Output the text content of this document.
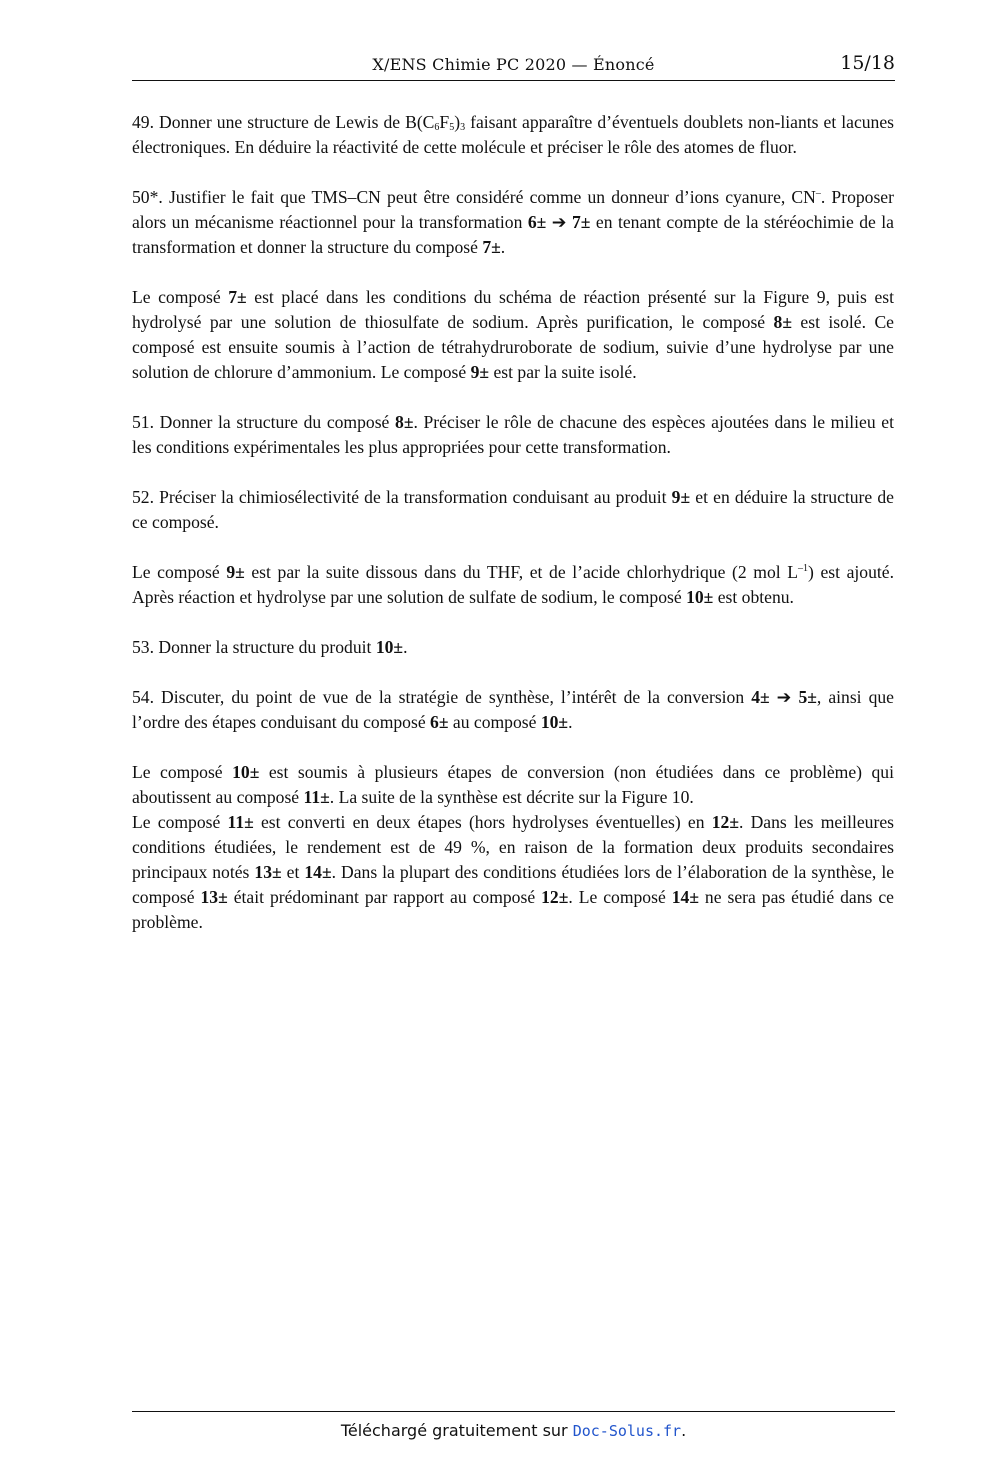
X/ENS Chimie PC 2020 — Énoncé	15/18

49. Donner une structure de Lewis de $B(C_6F_5)_3$ faisant apparaître d’éventuels doublets non-liants et lacunes électroniques. En déduire la réactivité de cette molécule et préciser le rôle des atomes de fluor.

50*. Justifier le fait que TMS–CN peut être considéré comme un donneur d’ions cyanure, CN–. Proposer alors un mécanisme réactionnel pour la transformation 6± ➔ 7± en tenant compte de la stéréochimie de la transformation et donner la structure du composé 7±.

Le composé 7± est placé dans les conditions du schéma de réaction présenté sur la Figure 9, puis est hydrolysé par une solution de thiosulfate de sodium. Après purification, le composé 8± est isolé. Ce composé est ensuite soumis à l’action de tétrahydruroborate de sodium, suivie d’une hydrolyse par une solution de chlorure d’ammonium. Le composé 9± est par la suite isolé.

51. Donner la structure du composé 8±. Préciser le rôle de chacune des espèces ajoutées dans le milieu et les conditions expérimentales les plus appropriées pour cette transformation.

52. Préciser la chimiosélectivité de la transformation conduisant au produit 9± et en déduire la structure de ce composé.

Le composé 9± est par la suite dissous dans du THF, et de l’acide chlorhydrique (2 mol $L^{-1}$) est ajouté. Après réaction et hydrolyse par une solution de sulfate de sodium, le composé 10± est obtenu.

53. Donner la structure du produit 10±.

54. Discuter, du point de vue de la stratégie de synthèse, l’intérêt de la conversion 4± ➔ 5±, ainsi que l’ordre des étapes conduisant du composé 6± au composé 10±.

Le composé 10± est soumis à plusieurs étapes de conversion (non étudiées dans ce problème) qui aboutissent au composé 11±. La suite de la synthèse est décrite sur la Figure 10.

Le composé 11± est converti en deux étapes (hors hydrolyses éventuelles) en 12±. Dans les meilleures conditions étudiées, le rendement est de 49 %, en raison de la formation deux produits secondaires principaux notés 13± et 14±. Dans la plupart des conditions étudiées lors de l’élaboration de la synthèse, le composé 13± était prédominant par rapport au composé 12±. Le composé 14± ne sera pas étudié dans ce problème.

Téléchargé gratuitement sur Doc-Solus.fr.
